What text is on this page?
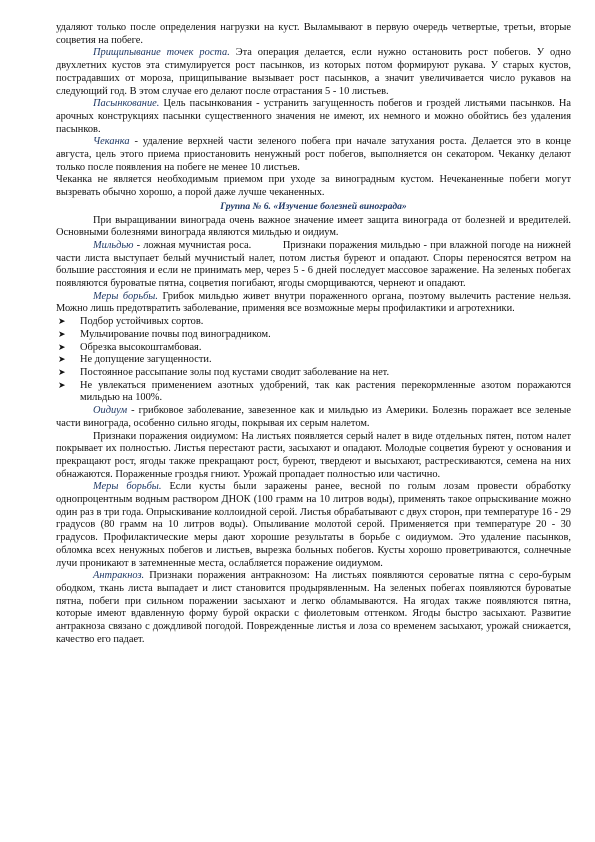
удаляют только после определения нагрузки на куст. Выламывают в первую очередь четвертые, третьи, вторые соцветия на побеге.

Прищипывание точек роста. Эта операция делается, если нужно остановить рост побегов. У одно двухлетних кустов эта стимулируется рост пасынков, из которых потом формируют рукава. У старых кустов, пострадавших от мороза, прищипывание вызывает рост пасынков, а значит увеличивается число рукавов на следующий год. В этом случае его делают после отрастания 5 - 10 листьев.

Пасынкование. Цель пасынкования - устранить загущенность побегов и гроздей листьями пасынков. На арочных конструкциях пасынки существенного значения не имеют, их немного и можно обойтись без удаления пасынков.

Чеканка - удаление верхней части зеленого побега при начале затухания роста. Делается это в конце августа, цель этого приема приостановить ненужный рост побегов, выполняется он секатором. Чеканку делают только после появления на побеге не менее 10 листьев.

Чеканка не является необходимым приемом при уходе за виноградным кустом. Нечеканенные побеги могут вызревать обычно хорошо, а порой даже лучше чеканенных.

Группа № 6. «Изучение болезней винограда»

При выращивании винограда очень важное значение имеет защита винограда от болезней и вредителей. Основными болезнями винограда являются мильдью и оидиум.

Мильдью - ложная мучнистая роса.          Признаки поражения мильдью - при влажной погоде на нижней части листа выступает белый мучнистый налет, потом листья буреют и опадают. Споры переносятся ветром на большие расстояния и если не принимать мер, через 5 - 6 дней последует массовое заражение. На зеленых побегах появляются буроватые пятна, соцветия погибают, ягоды сморщиваются, чернеют и опадают.

Меры борьбы. Грибок мильдью живет внутри пораженного органа, поэтому вылечить растение нельзя. Можно лишь предотвратить заболевание, применяя все возможные меры профилактики и агротехники.

➤ Подбор устойчивых сортов.
➤ Мульчирование почвы под виноградником.
➤ Обрезка высокоштамбовая.
➤ Не допущение загущенности.
➤ Постоянное рассыпание золы под кустами сводит заболевание на нет.
➤ Не увлекаться применением азотных удобрений, так как растения перекормленные азотом поражаются мильдью на 100%.

Оидиум - грибковое заболевание, завезенное как и мильдью из Америки. Болезнь поражает все зеленые части винограда, особенно сильно ягоды, покрывая их серым налетом.

Признаки поражения оидиумом: На листьях появляется серый налет в виде отдельных пятен, потом налет покрывает их полностью. Листья перестают расти, засыхают и опадают. Молодые соцветия буреют у основания и прекращают рост, ягоды также прекращают рост, буреют, твердеют и высыхают, растрескиваются, семена на них обнажаются. Пораженные гроздья гниют. Урожай пропадает полностью или частично.

Меры борьбы. Если кусты были заражены ранее, весной по голым лозам провести обработку однопроцентным водным раствором ДНОК (100 грамм на 10 литров воды), применять такое опрыскивание можно один раз в три года. Опрыскивание коллоидной серой. Листья обрабатывают с двух сторон, при температуре 16 - 29 градусов (80 грамм на 10 литров воды). Опыливание молотой серой. Применяется при температуре 20 - 30 градусов. Профилактические меры дают хорошие результаты в борьбе с оидиумом. Это удаление пасынков, обломка всех ненужных побегов и листьев, вырезка больных побегов. Кусты хорошо проветриваются, солнечные лучи проникают в затемненные места, ослабляется поражение оидиумом.

Антракноз. Признаки поражения антракнозом: На листьях появляются сероватые пятна с серо-бурым ободком, ткань листа выпадает и лист становится продырявленным. На зеленых побегах появляются буроватые пятна, побеги при сильном поражении засыхают и легко обламываются. На ягодах также появляются пятна, которые имеют вдавленную форму бурой окраски с фиолетовым оттенком. Ягоды быстро засыхают. Развитие антракноза связано с дождливой погодой. Поврежденные листья и лоза со временем засыхают, урожай снижается, качество его падает.
